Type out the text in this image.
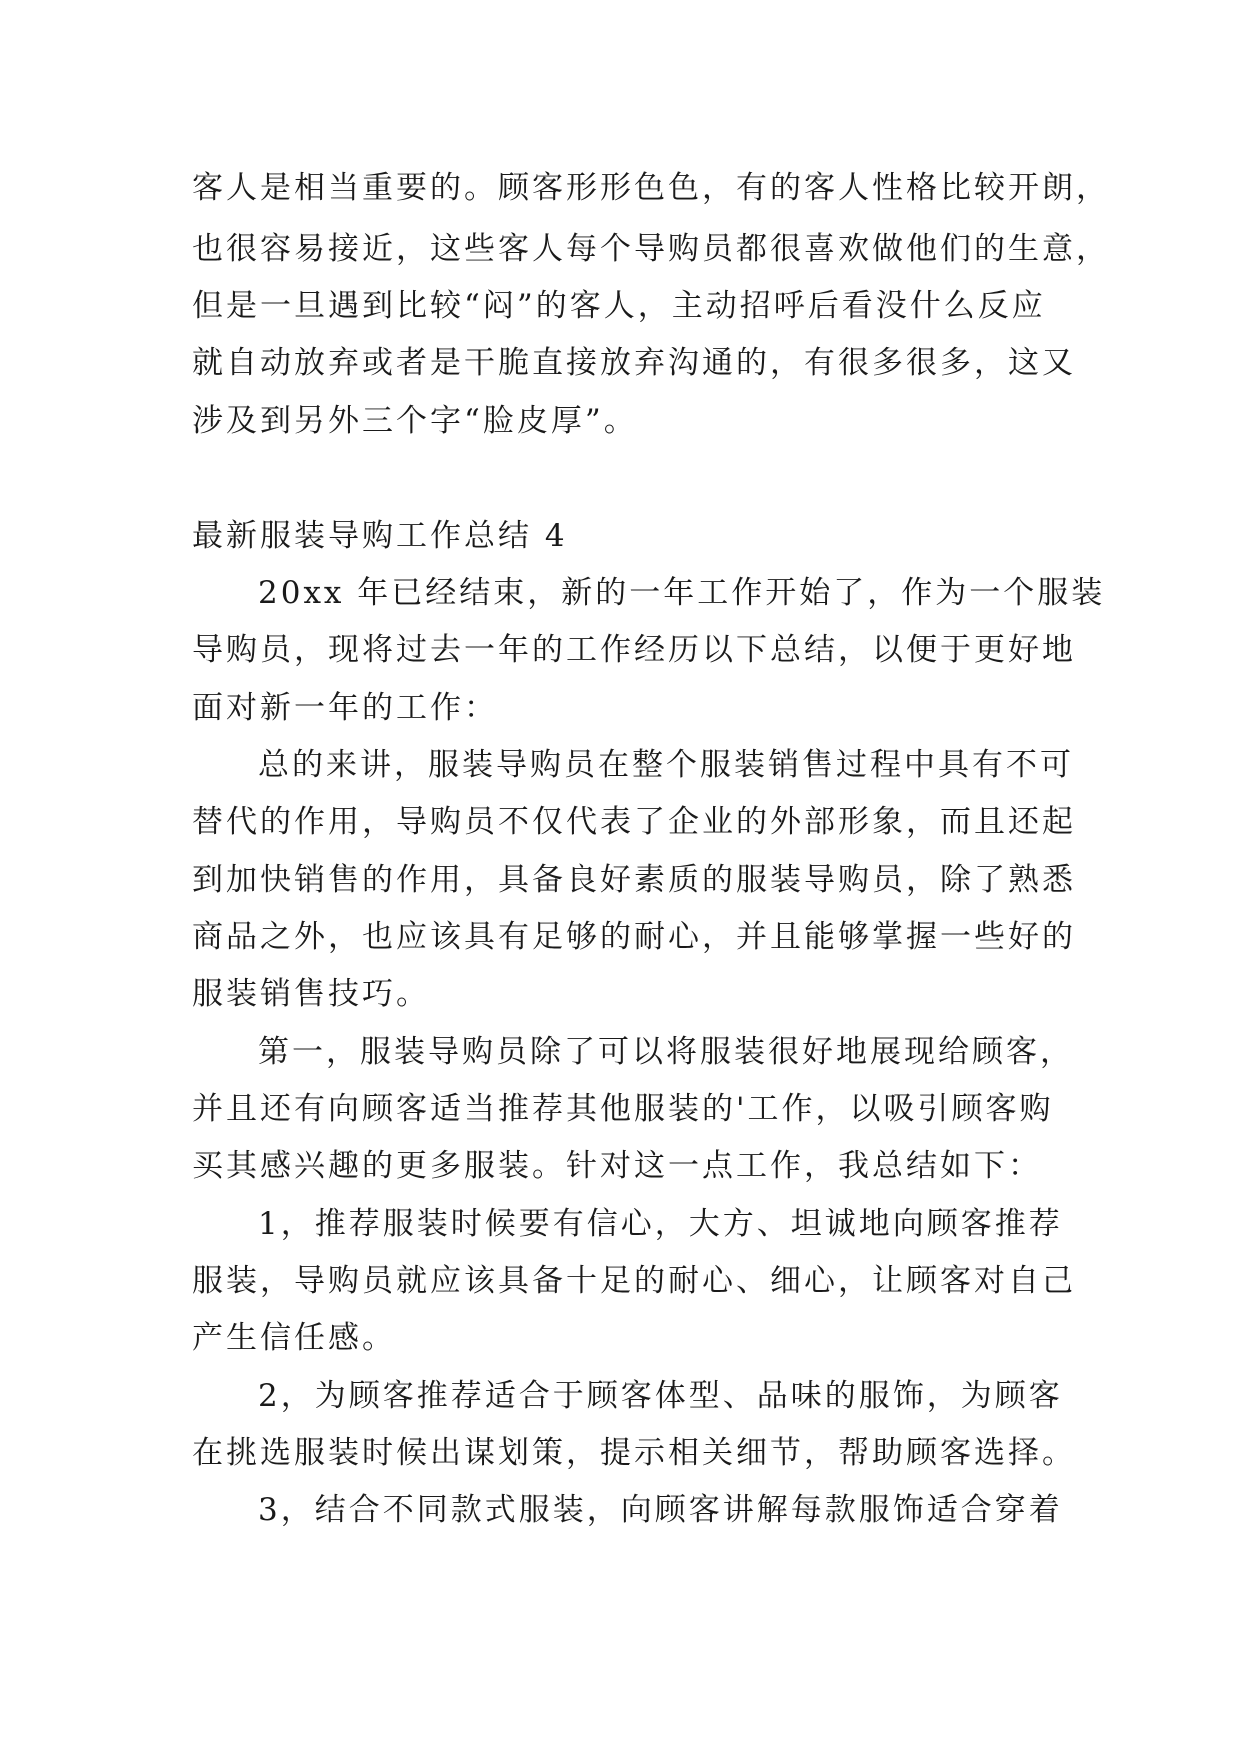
客人是相当重要的。顾客形形色色，有的客人性格比较开朗，
也很容易接近，这些客人每个导购员都很喜欢做他们的生意，
但是一旦遇到比较“闷”的客人，主动招呼后看没什么反应
就自动放弃或者是干脆直接放弃沟通的，有很多很多，这又
涉及到另外三个字“脸皮厚”。
最新服装导购工作总结 4
20xx 年已经结束，新的一年工作开始了，作为一个服装
导购员，现将过去一年的工作经历以下总结，以便于更好地
面对新一年的工作：
总的来讲，服装导购员在整个服装销售过程中具有不可
替代的作用，导购员不仅代表了企业的外部形象，而且还起
到加快销售的作用，具备良好素质的服装导购员，除了熟悉
商品之外，也应该具有足够的耐心，并且能够掌握一些好的
服装销售技巧。
第一，服装导购员除了可以将服装很好地展现给顾客，
并且还有向顾客适当推荐其他服装的'工作，以吸引顾客购
买其感兴趣的更多服装。针对这一点工作，我总结如下：
1，推荐服装时候要有信心，大方、坦诚地向顾客推荐
服装，导购员就应该具备十足的耐心、细心，让顾客对自己
产生信任感。
2，为顾客推荐适合于顾客体型、品味的服饰，为顾客
在挑选服装时候出谋划策，提示相关细节，帮助顾客选择。
3，结合不同款式服装，向顾客讲解每款服饰适合穿着
